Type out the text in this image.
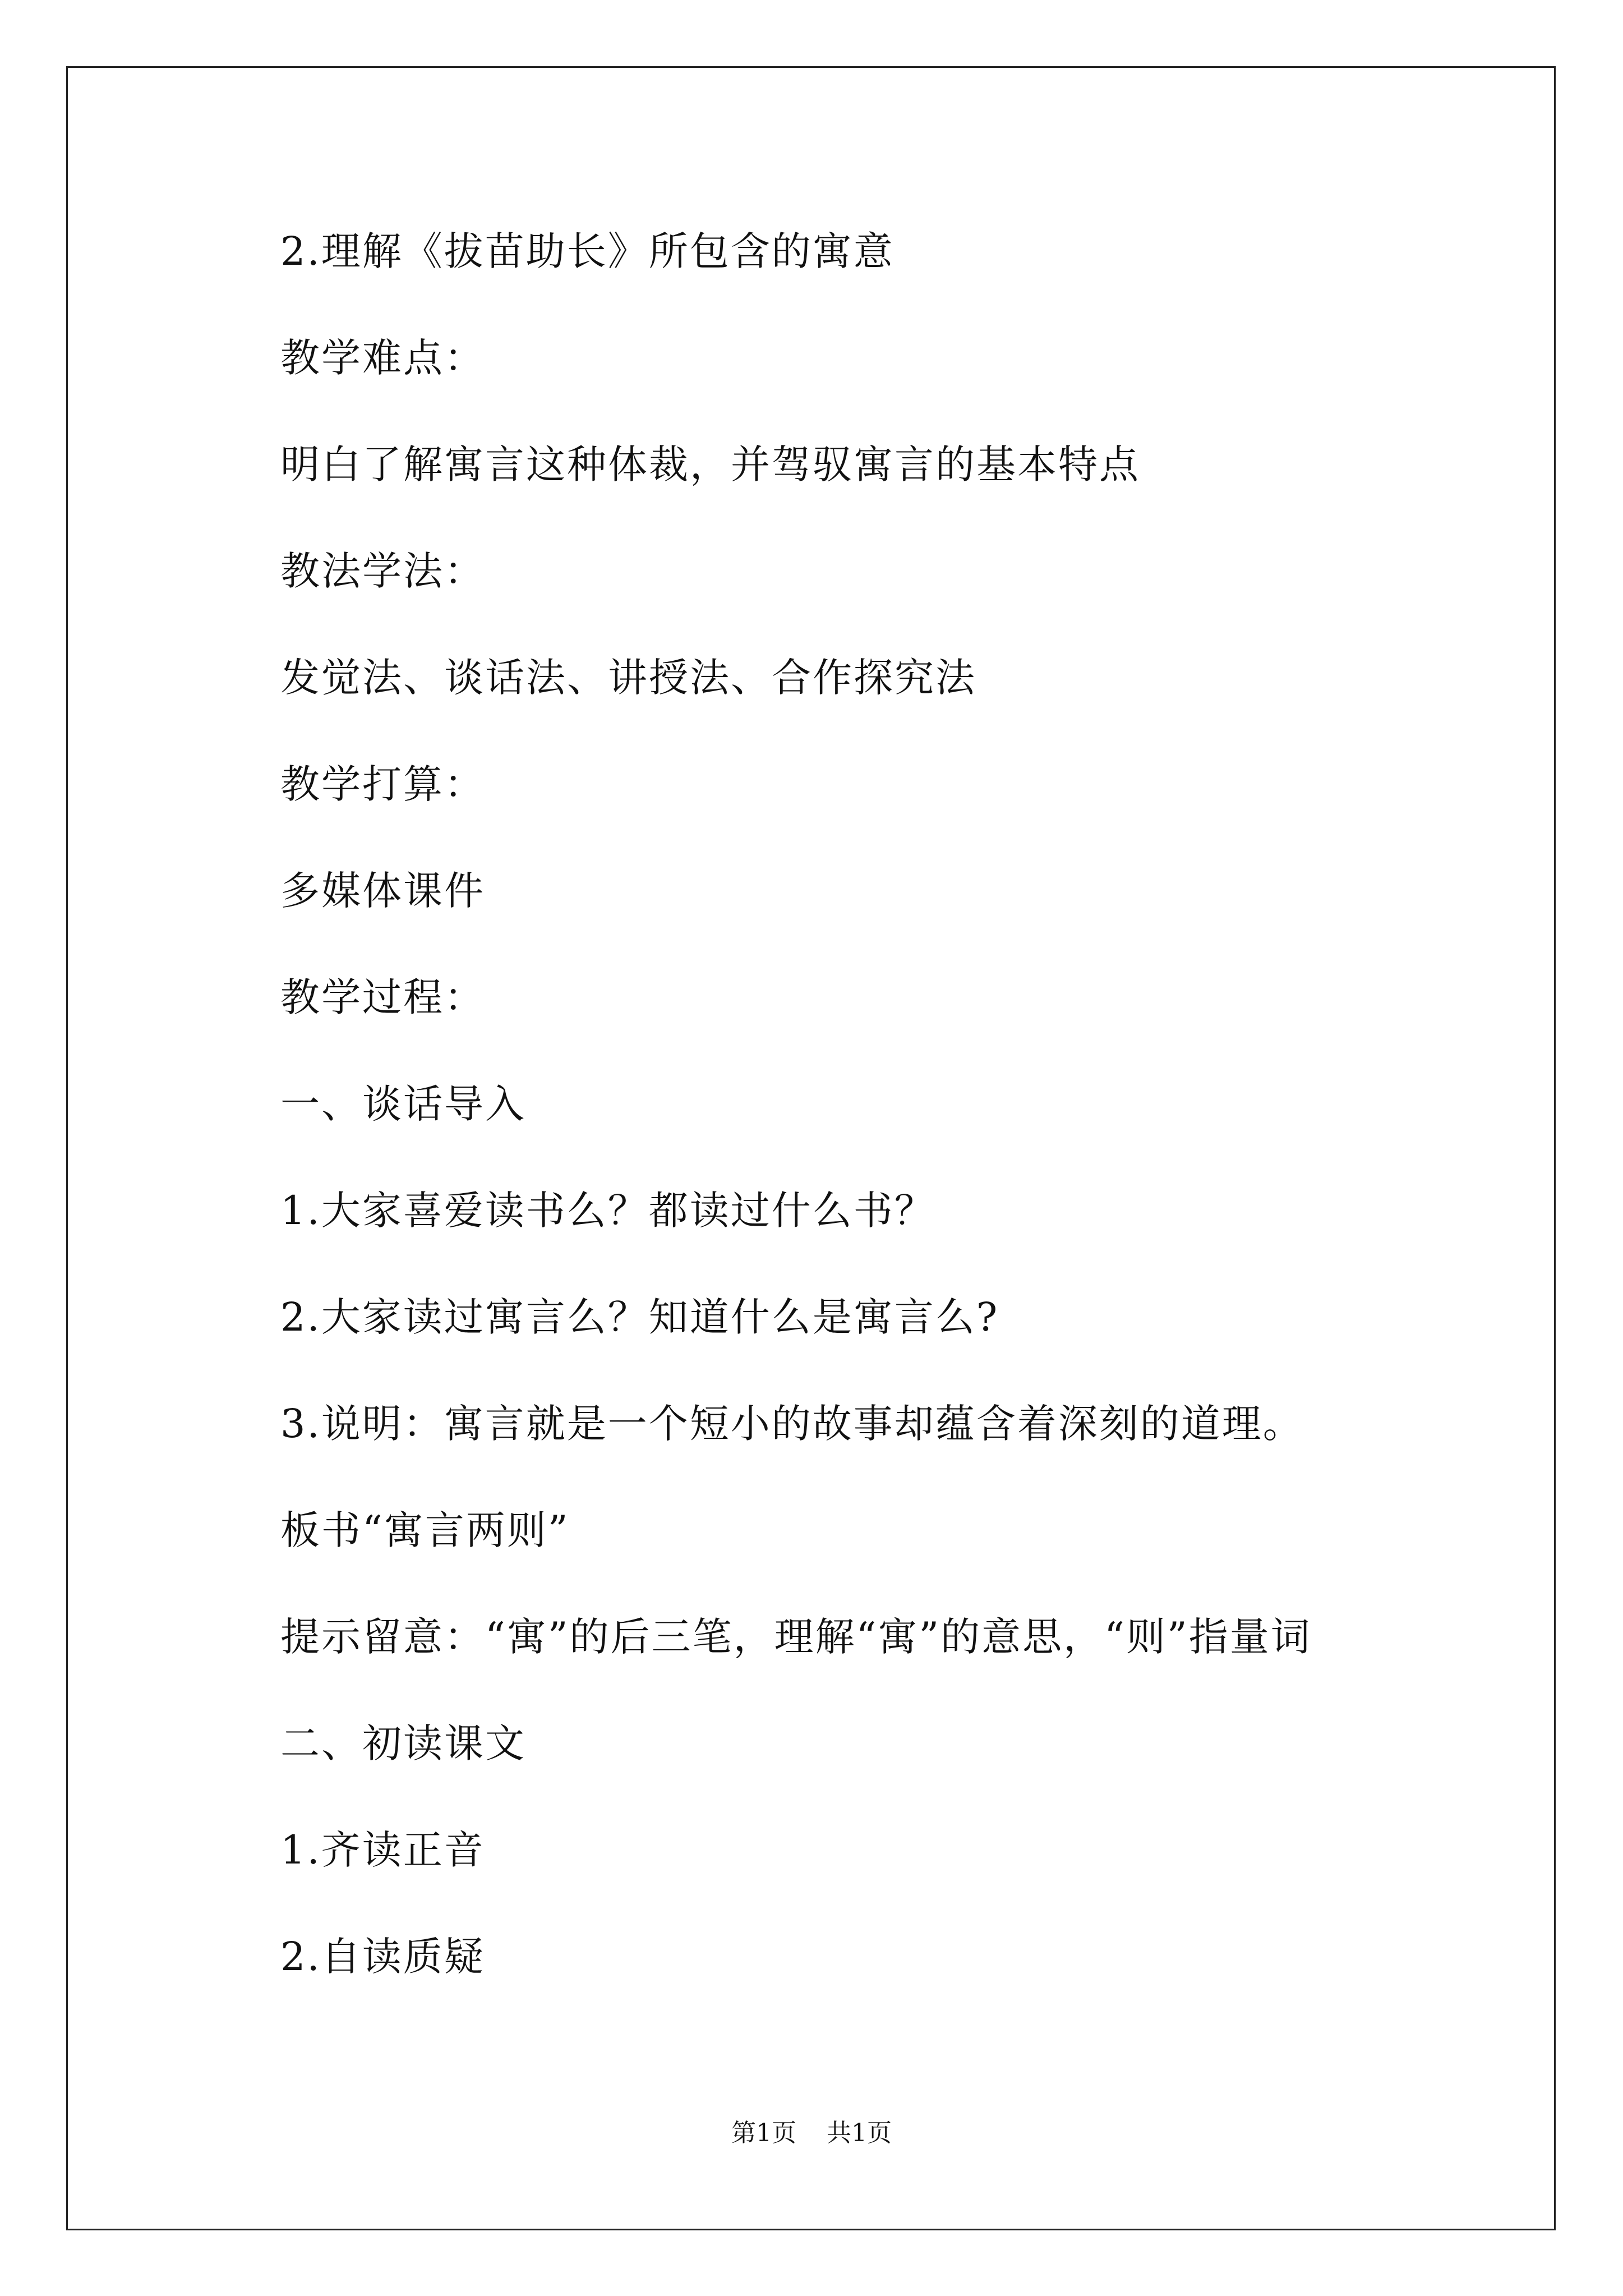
2.理解《拔苗助长》所包含的寓意
教学难点：
明白了解寓言这种体裁，并驾驭寓言的基本特点
教法学法：
发觉法、谈话法、讲授法、合作探究法
教学打算：
多媒体课件
教学过程：
一、谈话导入
1.大家喜爱读书么？都读过什么书？
2.大家读过寓言么？知道什么是寓言么?
3.说明：寓言就是一个短小的故事却蕴含着深刻的道理。
板书“寓言两则”
提示留意：“寓”的后三笔，理解“寓”的意思，“则”指量词
二、初读课文
1.齐读正音
2.自读质疑
第1页 共1页
